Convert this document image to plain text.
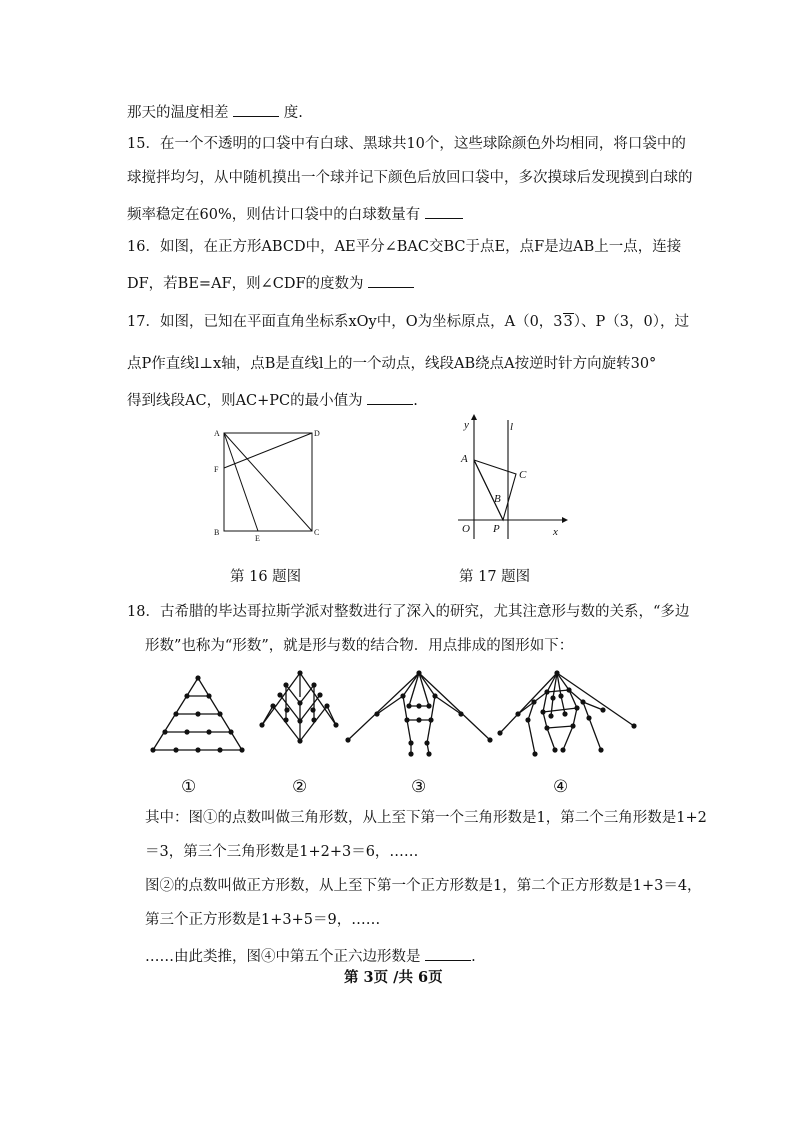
那天的温度相差	度.
15．在一个不透明的口袋中有白球、黑球共10个，这些球除颜色外均相同，将口袋中的
球搅拌均匀，从中随机摸出一个球并记下颜色后放回口袋中，多次摸球后发现摸到白球的
频率稳定在60%，则估计口袋中的白球数量有
16．如图，在正方形ABCD中，AE平分∠BAC交BC于点E，点F是边AB上一点，连接
DF，若BE=AF，则∠CDF的度数为
17．如图，已知在平面直角坐标系xOy中，O为坐标原点，A（0，33）、P（3，0），过
点P作直线l⊥x轴，点B是直线l上的一个动点，线段AB绕点A按逆时针方向旋转30°
得到线段AC，则AC+PC的最小值为	.
A	D
F
B
E
C
y	l
A
C
B
O P	x
第 16 题图	第 17 题图
18．古希腊的毕达哥拉斯学派对整数进行了深入的研究，尤其注意形与数的关系，“多边
形数”也称为“形数”，就是形与数的结合物．用点排成的图形如下：
①	②	③	④
其中：图①的点数叫做三角形数，从上至下第一个三角形数是1，第二个三角形数是1+2
＝3，第三个三角形数是1+2+3＝6，……
图②的点数叫做正方形数，从上至下第一个正方形数是1，第二个正方形数是1+3＝4，
第三个正方形数是1+3+5＝9，……
……由此类推，图④中第五个正六边形数是	.
第 3页 /共 6页
